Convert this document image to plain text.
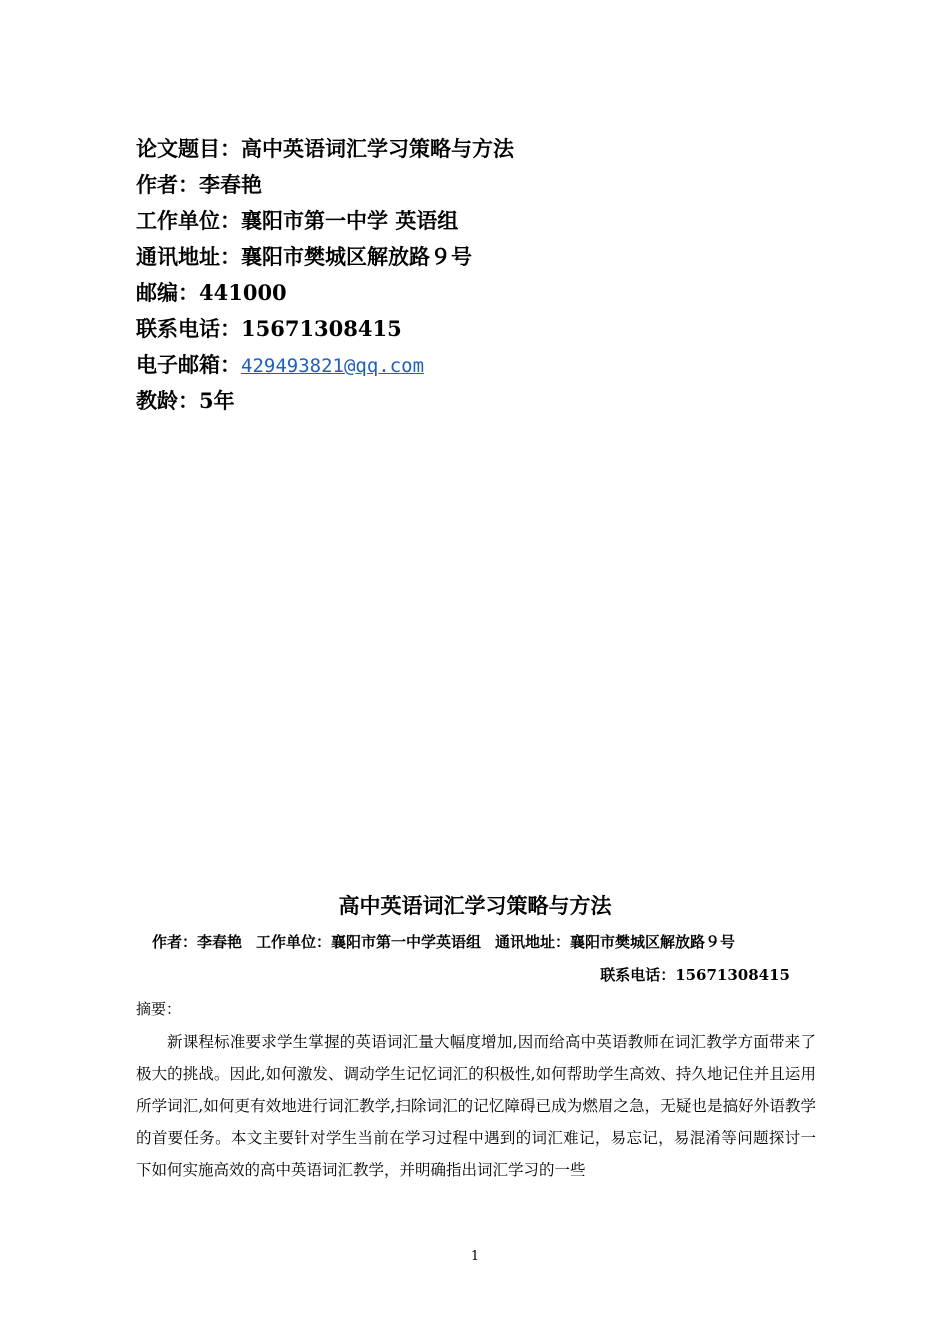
论文题目：高中英语词汇学习策略与方法
作者：李春艳
工作单位：襄阳市第一中学 英语组
通讯地址：襄阳市樊城区解放路９号
邮编：441000
联系电话：15671308415
电子邮箱：429493821@qq.com
教龄：5年
高中英语词汇学习策略与方法
作者：李春艳 工作单位：襄阳市第一中学英语组 通讯地址：襄阳市樊城区解放路９号
联系电话：15671308415
摘要：
新课程标准要求学生掌握的英语词汇量大幅度增加,因而给高中英语教师在词汇教学方面带来了极大的挑战。因此,如何激发、调动学生记忆词汇的积极性,如何帮助学生高效、持久地记住并且运用所学词汇,如何更有效地进行词汇教学,扫除词汇的记忆障碍已成为燃眉之急，无疑也是搞好外语教学的首要任务。本文主要针对学生当前在学习过程中遇到的词汇难记，易忘记，易混淆等问题探讨一下如何实施高效的高中英语词汇教学，并明确指出词汇学习的一些
1
